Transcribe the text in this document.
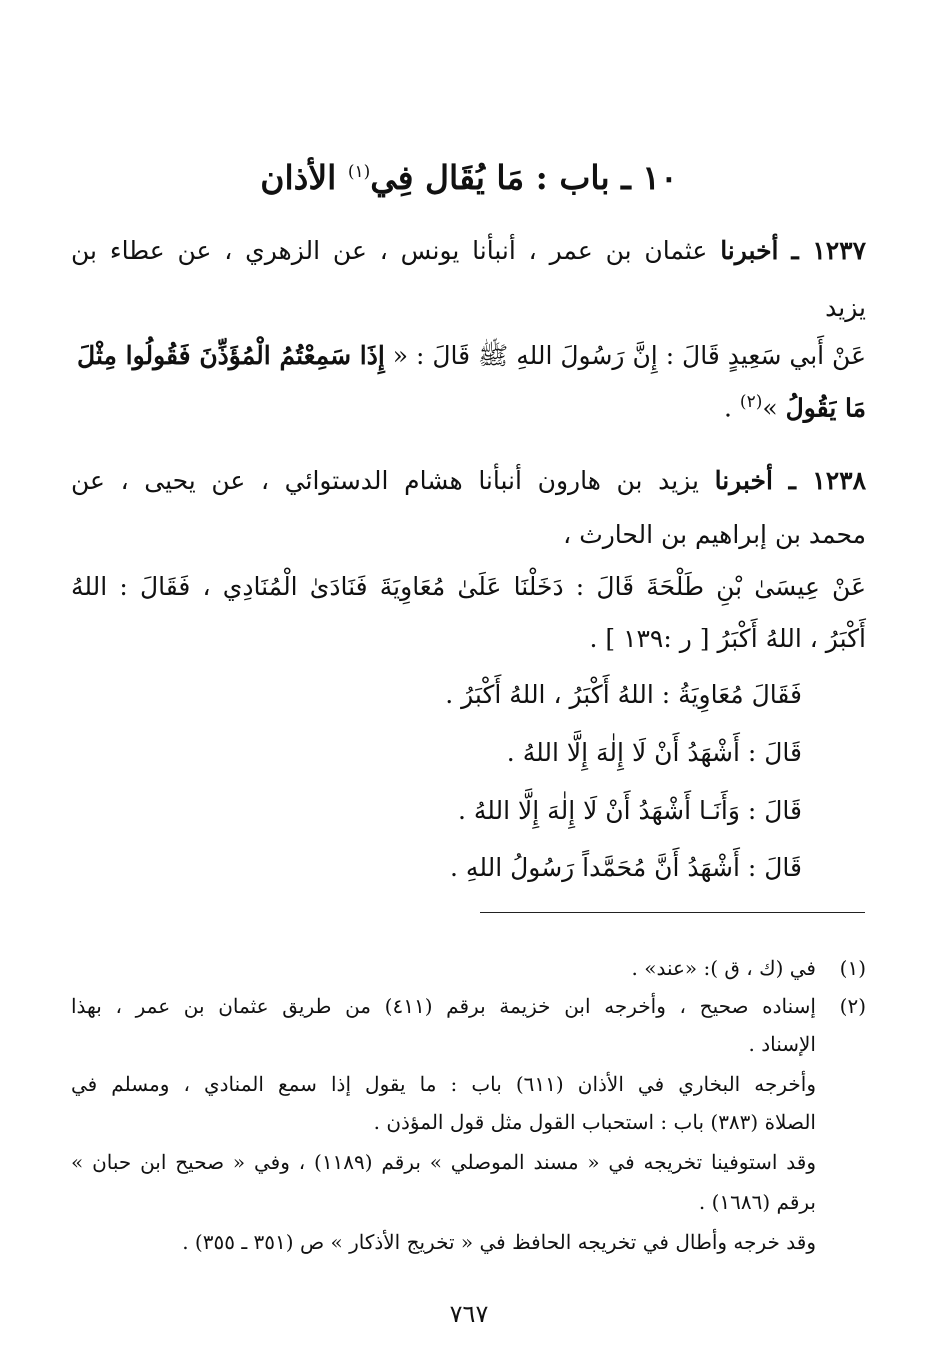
١٠ ـ باب : مَا يُقَال فِي$^{(١)}$ الأذان
١٢٣٧ ـ أخبرنا عثمان بن عمر ، أنبأنا يونس ، عن الزهري ، عن عطاء بن
يزيد
عَنْ أَبي سَعِيدٍ قَالَ : إِنَّ رَسُولَ اللهِ ﷺ قَالَ : « إِذَا سَمِعْتُمُ الْمُؤَذِّنَ فَقُولُوا مِثْلَ
مَا يَقُولُ »$^{(٢)}$ .
١٢٣٨ ـ أخبرنا يزيد بن هارون أنبأنا هشام الدستوائي ، عن يحيى ، عن
محمد بن إبراهيم بن الحارث ،
عَنْ عِيسَىٰ بْنِ طَلْحَةَ قَالَ : دَخَلْنَا عَلَىٰ مُعَاوِيَةَ فَنَادَىٰ الْمُنَادِي ، فَقَالَ : اللهُ
أَكْبَرُ ، اللهُ أَكْبَرُ [ ر :١٣٩ ] .
فَقَالَ مُعَاوِيَةُ : اللهُ أَكْبَرُ ، اللهُ أَكْبَرُ .
قَالَ : أَشْهَدُ أَنْ لَا إِلٰهَ إِلَّا اللهُ .
قَالَ : وَأَنَـا أَشْهَدُ أَنْ لَا إِلٰهَ إِلَّا اللهُ .
قَالَ : أَشْهَدُ أَنَّ مُحَمَّداً رَسُولُ اللهِ .
(١)
في (ك ، ق ): «عند» .
(٢)
إسناده صحيح ، وأخرجه ابن خزيمة برقم (٤١١) من طريق عثمان بن عمر ، بهذا
الإسناد .
وأخرجه البخاري في الأذان (٦١١) باب : ما يقول إذا سمع المنادي ، ومسلم في
الصلاة (٣٨٣) باب : استحباب القول مثل قول المؤذن .
وقد استوفينا تخريجه في « مسند الموصلي » برقم (١١٨٩) ، وفي « صحيح ابن حبان »
برقم (١٦٨٦) .
وقد خرجه وأطال في تخريجه الحافظ في « تخريج الأذكار » ص (٣٥١ ـ ٣٥٥) .
٧٦٧
